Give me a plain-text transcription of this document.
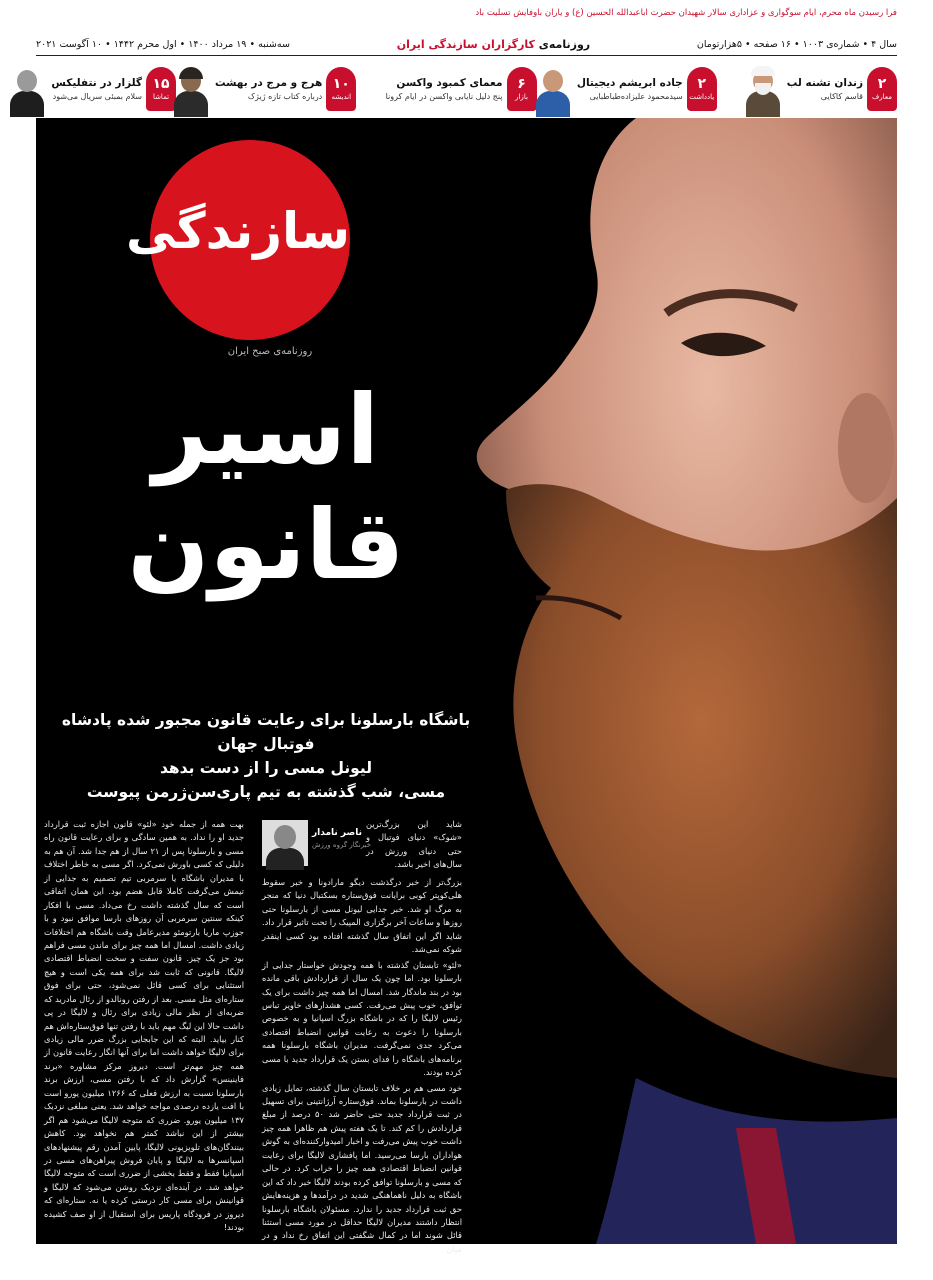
فرا رسیدن ماه محرم، ایام سوگواری و عزاداری سالار شهیدان حضرت اباعبدالله الحسین (ع) و یاران باوفایش تسلیت باد
سال ۴ • شماره‌ی ۱۰۰۳ • ۱۶ صفحه • ۵هزارتومان
روزنامه‌ی کارگزاران سازندگی ایران
سه‌شنبه • ۱۹ مرداد ۱۴۰۰ • اول محرم ۱۴۴۲ • ۱۰ آگوست ۲۰۲۱
۲
معارف
زندان تشنه لب
قاسم کاکایی
۲
یادداشت
جاده ابریشم دیجیتال
سیدمحمود علیزاده‌طباطبایی
۶
بازار
معمای کمبود واکسن
پنج دلیل نایابی واکسن در ایام کرونا
۱۰
اندیشه
هرج و مرج در بهشت
درباره کتاب تازه ژیژک
۱۵
تماشا
گلزار در نتفلیکس
سلام بمبئی سریال می‌شود
سازندگی
روزنامه‌ی صبح ایران
اسیر
قانون
باشگاه بارسلونا برای رعایت قانون مجبور شده پادشاه فوتبال جهان
لیونل مسی را از دست بدهد
مسی، شب گذشته به تیم پاری‌سن‌ژرمن پیوست
شاید این بزرگ‌ترین «شوک» دنیای فوتبال و حتی دنیای ورزش در سال‌های اخیر باشد.
ناصر نامدار
خبرنگار گروه ورزش

بزرگ‌تر از خبر درگذشت دیگو مارادونا و خبر سقوط هلی‌کوپتر کوبی برایانت فوق‌ستاره بسکتبال دنیا که منجر به مرگ او شد. خبر جدایی لیونل مسی از بارسلونا حتی روزها و ساعات آخر برگزاری المپیک را تحت تاثیر قرار داد. شاید اگر این اتفاق سال گذشته افتاده بود کسی اینقدر شوکه نمی‌شد.

«لئو» تابستان گذشته با همه وجودش خواستار جدایی از بارسلونا بود. اما چون یک سال از قراردادش باقی مانده بود در بند ماندگار شد. امسال اما همه چیز داشت برای یک توافق، خوب پیش می‌رفت. کسی هشدارهای خاویر تباس رئیس لالیگا را که در باشگاه بزرگ اسپانیا و به خصوص بارسلونا را دعوت به رعایت قوانین انضباط اقتصادی می‌کرد جدی نمی‌گرفت. مدیران باشگاه بارسلونا همه برنامه‌های باشگاه را فدای بستن یک قرارداد جدید با مسی کرده بودند.

خود مسی هم بر خلاف تابستان سال گذشته، تمایل زیادی داشت در بارسلونا بماند. فوق‌ستاره آرژانتینی برای تسهیل در ثبت قرارداد جدید حتی حاضر شد ۵۰ درصد از مبلغ قراردادش را کم کند. تا یک هفته پیش هم ظاهرا همه چیز داشت خوب پیش می‌رفت و اخبار امیدوارکننده‌ای به گوش هواداران بارسا می‌رسید. اما پافشاری لالیگا برای رعایت قوانین انضباط اقتصادی همه چیز را خراب کرد. در حالی که مسی و بارسلونا توافق کرده بودند لالیگا خبر داد که این باشگاه به دلیل ناهماهنگی شدید در درآمدها و هزینه‌هایش حق ثبت قرارداد جدید را ندارد. مسئولان باشگاه بارسلونا انتظار داشتند مدیران لالیگا حداقل در مورد مسی استثنا قائل شوند اما در کمال شگفتی این اتفاق رخ نداد و در میان

بهت همه از جمله خود «لئو» قانون اجازه ثبت قرارداد جدید او را نداد. به همین سادگی و برای رعایت قانون راه مسی و بارسلونا پس از ۲۱ سال از هم جدا شد. آن هم به دلیلی که کسی باورش نمی‌کرد. اگر مسی به خاطر اختلاف با مدیران باشگاه یا سرمربی تیم تصمیم به جدایی از تیمش می‌گرفت کاملا قابل هضم بود. این همان اتفاقی است که سال گذشته داشت رخ می‌داد. مسی با افکار کینکه سنتین سرمربی آن روزهای بارسا موافق نبود و با جوزپ ماریا بارتومئو مدیرعامل وقت باشگاه هم اختلافات زیادی داشت. امسال اما همه چیز برای ماندن مسی فراهم بود جز یک چیز. قانون سفت و سخت انضباط اقتصادی لالیگا. قانونی که ثابت شد برای همه یکی است و هیچ استثنایی برای کسی قائل نمی‌شود، حتی برای فوق ستاره‌ای مثل مسی. بعد از رفتن رونالدو از رئال مادرید که ضربه‌ای از نظر مالی زیادی برای رئال و لالیگا در پی داشت حالا این لیگ مهم باید با رفتن تنها فوق‌ستاره‌اش هم کنار بیاید. البته که این جابجایی بزرگ ضرر مالی زیادی برای لالیگا خواهد داشت اما برای آنها انگار رعایت قانون از همه چیز مهم‌تر است. دیروز مرکز مشاوره «برند فاینینس» گزارش داد که با رفتن مسی، ارزش برند بارسلونا نسبت به ارزش فعلی که ۱۲۶۶ میلیون یورو است با افت یازده درصدی مواجه خواهد شد. یعنی مبلغی نزدیک ۱۳۷ میلیون یورو. ضرری که متوجه لالیگا می‌شود هم اگر بیشتر از این نباشد کمتر هم نخواهد بود. کاهش بینندگان‌های تلویزیونی لالیگا، پایین آمدن رقم پیشنهادهای اسپانسرها به لالیگا و پایان فروش پیراهن‌های مسی در اسپانیا فقط و فقط بخشی از ضرری است که متوجه لالیگا خواهد شد. در آینده‌ای نزدیک روشن می‌شود که لالیگا و قوانینش برای مسی کار درستی کرده یا نه. ستاره‌ای که دیروز در فرودگاه پاریس برای استقبال از او صف کشیده بودند!
